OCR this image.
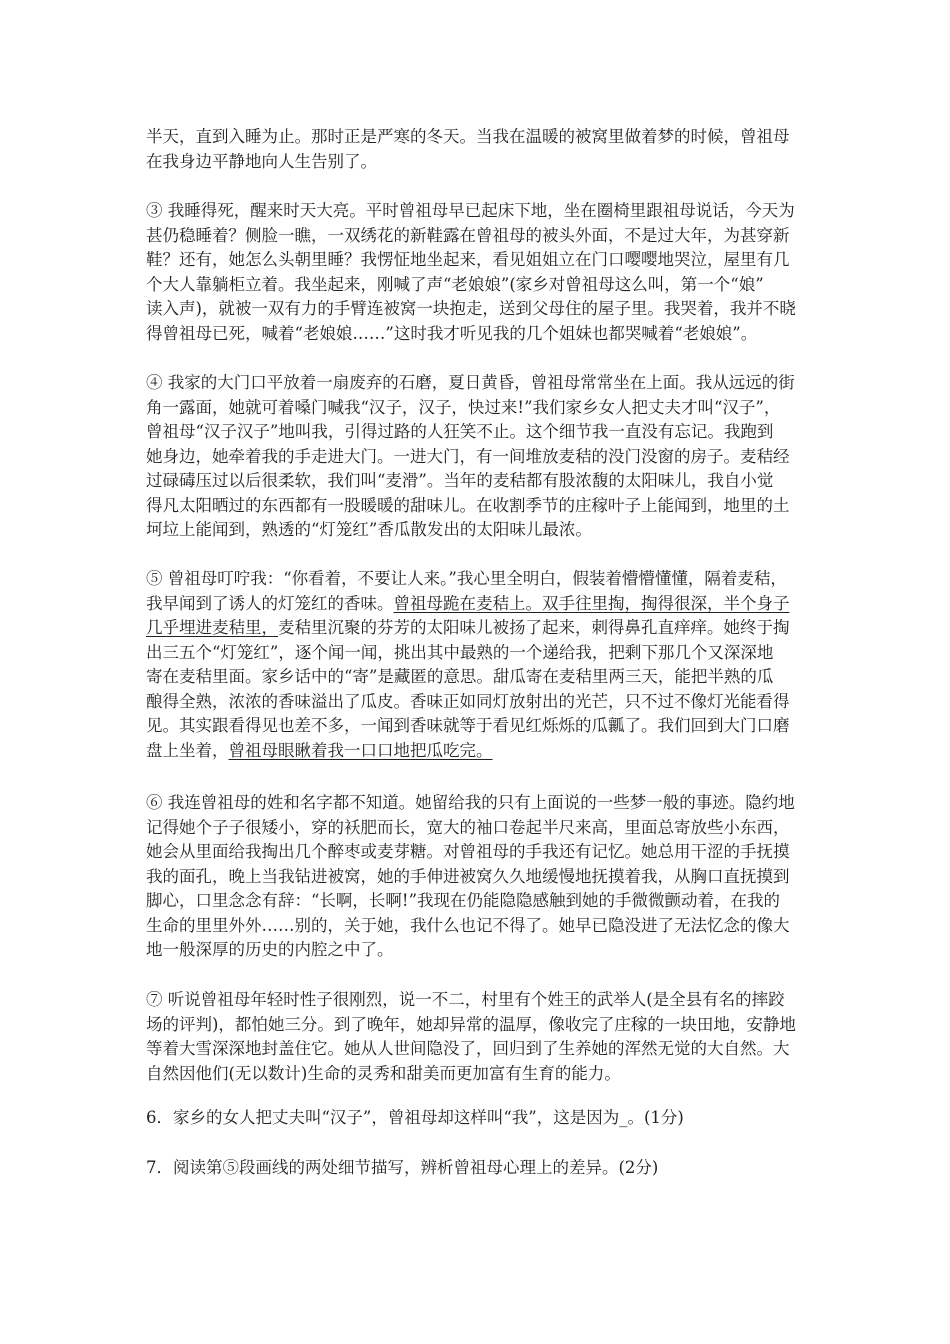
半天，直到入睡为止。那时正是严寒的冬天。当我在温暖的被窝里做着梦的时候，曾祖母
在我身边平静地向人生告别了。
③ 我睡得死，醒来时天大亮。平时曾祖母早已起床下地，坐在圈椅里跟祖母说话，今天为
甚仍稳睡着？侧脸一瞧，一双绣花的新鞋露在曾祖母的被头外面，不是过大年，为甚穿新
鞋？还有，她怎么头朝里睡？我愣怔地坐起来，看见姐姐立在门口嘤嘤地哭泣，屋里有几
个大人靠躺柜立着。我坐起来，刚喊了声“老娘娘”(家乡对曾祖母这么叫，第一个“娘”
读入声)，就被一双有力的手臂连被窝一块抱走，送到父母住的屋子里。我哭着，我并不晓
得曾祖母已死，喊着“老娘娘……”这时我才听见我的几个姐妹也都哭喊着“老娘娘”。
④ 我家的大门口平放着一扇废弃的石磨，夏日黄昏，曾祖母常常坐在上面。我从远远的街
角一露面，她就可着嗓门喊我“汉子，汉子，快过来!”我们家乡女人把丈夫才叫“汉子”，
曾祖母“汉子汉子”地叫我，引得过路的人狂笑不止。这个细节我一直没有忘记。我跑到
她身边，她牵着我的手走进大门。一进大门，有一间堆放麦秸的没门没窗的房子。麦秸经
过碌碡压过以后很柔软，我们叫“麦滑”。当年的麦秸都有股浓馥的太阳味儿，我自小觉
得凡太阳晒过的东西都有一股暖暖的甜味儿。在收割季节的庄稼叶子上能闻到，地里的土
坷垃上能闻到，熟透的“灯笼红”香瓜散发出的太阳味儿最浓。
⑤ 曾祖母叮咛我：“你看着，不要让人来。”我心里全明白，假装着懵懵懂懂，隔着麦秸，
我早闻到了诱人的灯笼红的香味。曾祖母跪在麦秸上。双手往里掏，掏得很深，半个身子
几乎埋进麦秸里，麦秸里沉聚的芬芳的太阳味儿被扬了起来，刺得鼻孔直痒痒。她终于掏
出三五个“灯笼红”，逐个闻一闻，挑出其中最熟的一个递给我，把剩下那几个又深深地
寄在麦秸里面。家乡话中的“寄”是藏匿的意思。甜瓜寄在麦秸里两三天，能把半熟的瓜
酿得全熟，浓浓的香味溢出了瓜皮。香味正如同灯放射出的光芒，只不过不像灯光能看得
见。其实跟看得见也差不多，一闻到香味就等于看见红烁烁的瓜瓤了。我们回到大门口磨
盘上坐着，曾祖母眼瞅着我一口口地把瓜吃完。
⑥ 我连曾祖母的姓和名字都不知道。她留给我的只有上面说的一些梦一般的事迹。隐约地
记得她个子子很矮小，穿的袄肥而长，宽大的袖口卷起半尺来高，里面总寄放些小东西，
她会从里面给我掏出几个醉枣或麦芽糖。对曾祖母的手我还有记忆。她总用干涩的手抚摸
我的面孔，晚上当我钻进被窝，她的手伸进被窝久久地缓慢地抚摸着我，从胸口直抚摸到
脚心，口里念念有辞：“长啊，长啊!”我现在仍能隐隐感触到她的手微微颤动着，在我的
生命的里里外外……别的，关于她，我什么也记不得了。她早已隐没进了无法忆念的像大
地一般深厚的历史的内腔之中了。
⑦ 听说曾祖母年轻时性子很刚烈，说一不二，村里有个姓王的武举人(是全县有名的摔跤
场的评判)，都怕她三分。到了晚年，她却异常的温厚，像收完了庄稼的一块田地，安静地
等着大雪深深地封盖住它。她从人世间隐没了，回归到了生养她的浑然无觉的大自然。大
自然因他们(无以数计)生命的灵秀和甜美而更加富有生育的能力。
6．家乡的女人把丈夫叫“汉子”，曾祖母却这样叫“我”，这是因为_。(1分)
7．阅读第⑤段画线的两处细节描写，辨析曾祖母心理上的差异。(2分)
